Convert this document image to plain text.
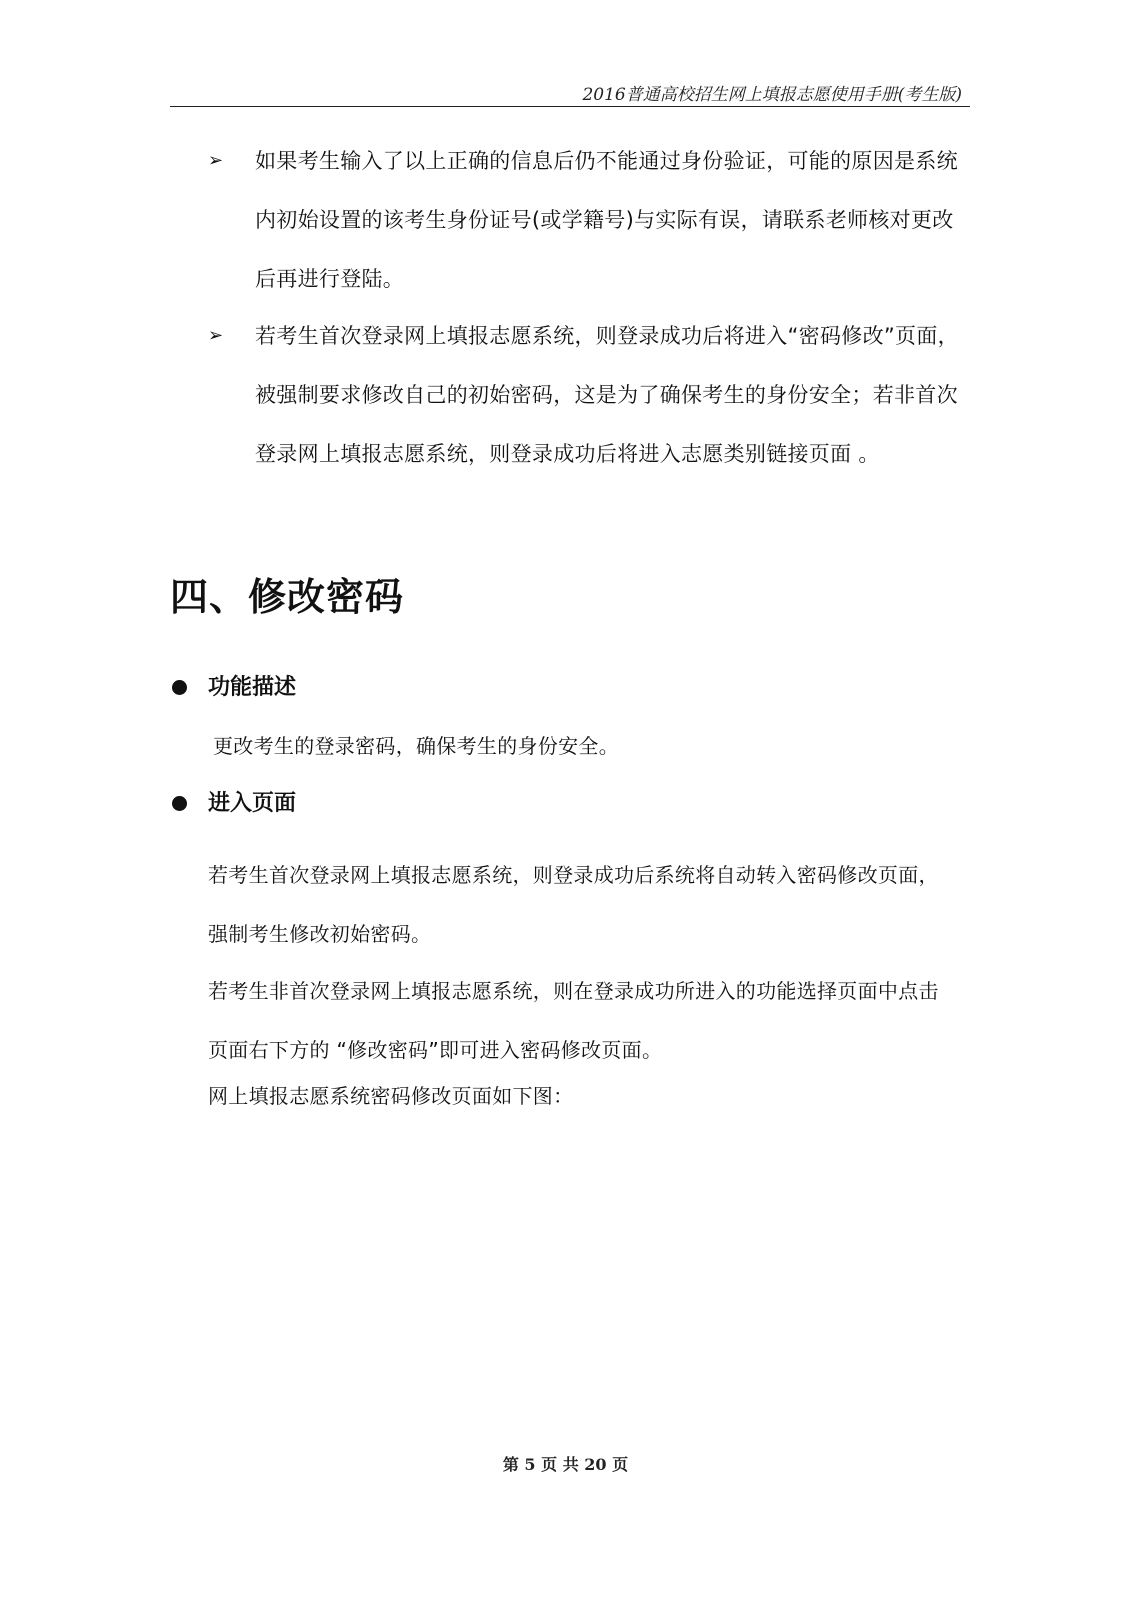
2016普通高校招生网上填报志愿使用手册(考生版)
➢	如果考生输入了以上正确的信息后仍不能通过身份验证，可能的原因是系统内初始设置的该考生身份证号(或学籍号)与实际有误，请联系老师核对更改后再进行登陆。
➢	若考生首次登录网上填报志愿系统，则登录成功后将进入“密码修改”页面，被强制要求修改自己的初始密码，这是为了确保考生的身份安全；若非首次登录网上填报志愿系统，则登录成功后将进入志愿类别链接页面 。
四、修改密码
功能描述
更改考生的登录密码，确保考生的身份安全。
进入页面
若考生首次登录网上填报志愿系统，则登录成功后系统将自动转入密码修改页面，强制考生修改初始密码。
若考生非首次登录网上填报志愿系统，则在登录成功所进入的功能选择页面中点击页面右下方的 “修改密码”即可进入密码修改页面。
网上填报志愿系统密码修改页面如下图：
第 5 页 共 20 页
